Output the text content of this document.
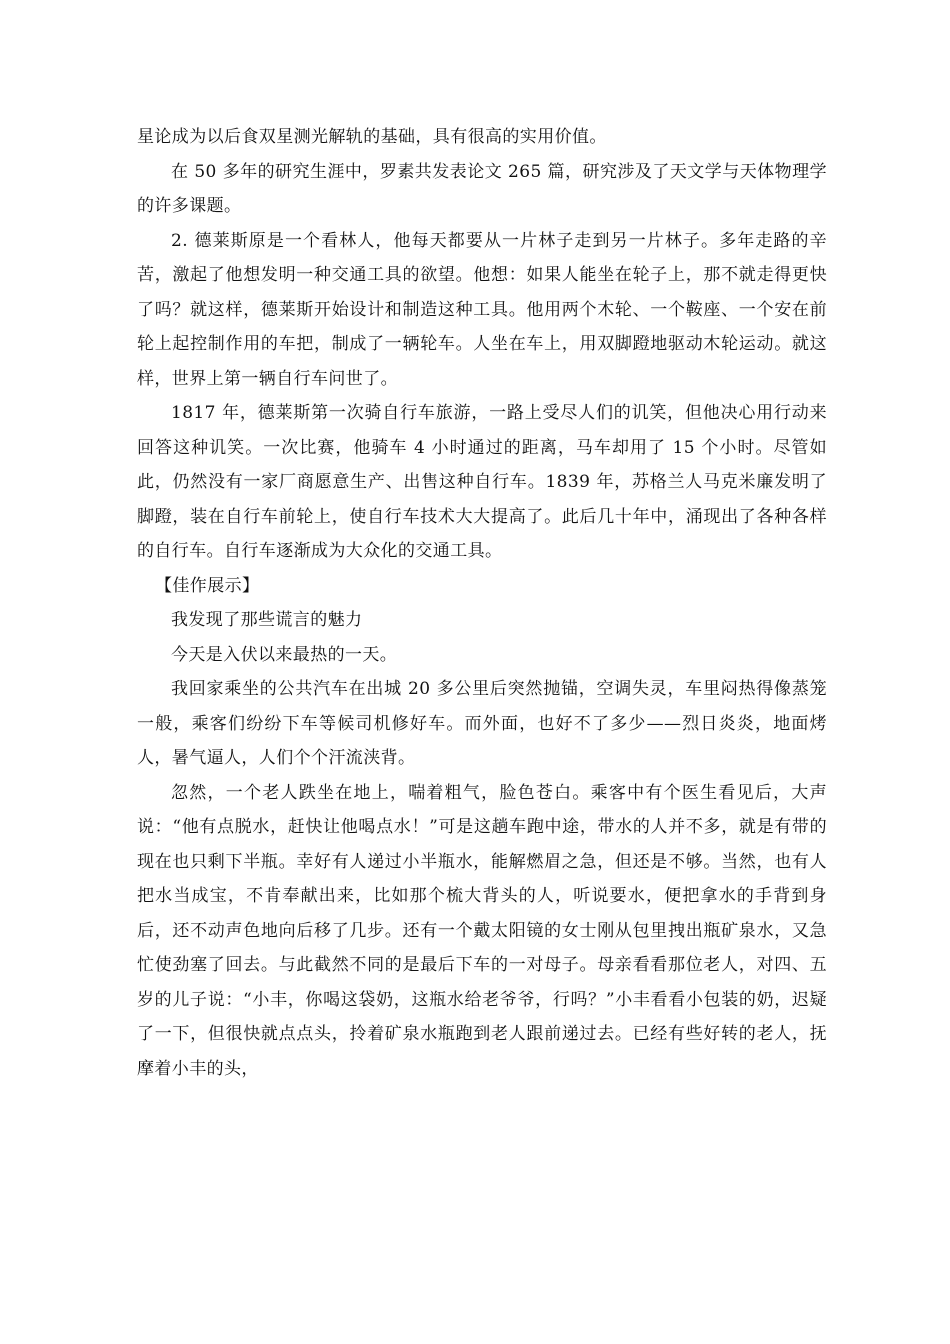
星论成为以后食双星测光解轨的基础，具有很高的实用价值。

在 50 多年的研究生涯中，罗素共发表论文 265 篇，研究涉及了天文学与天体物理学的许多课题。

2. 德莱斯原是一个看林人，他每天都要从一片林子走到另一片林子。多年走路的辛苦，激起了他想发明一种交通工具的欲望。他想：如果人能坐在轮子上，那不就走得更快了吗？就这样，德莱斯开始设计和制造这种工具。他用两个木轮、一个鞍座、一个安在前轮上起控制作用的车把，制成了一辆轮车。人坐在车上，用双脚蹬地驱动木轮运动。就这样，世界上第一辆自行车问世了。

1817 年，德莱斯第一次骑自行车旅游，一路上受尽人们的讥笑，但他决心用行动来回答这种讥笑。一次比赛，他骑车 4 小时通过的距离，马车却用了 15 个小时。尽管如此，仍然没有一家厂商愿意生产、出售这种自行车。1839 年，苏格兰人马克米廉发明了脚蹬，装在自行车前轮上，使自行车技术大大提高了。此后几十年中，涌现出了各种各样的自行车。自行车逐渐成为大众化的交通工具。

【佳作展示】

我发现了那些谎言的魅力

今天是入伏以来最热的一天。

我回家乘坐的公共汽车在出城 20 多公里后突然抛锚，空调失灵，车里闷热得像蒸笼一般，乘客们纷纷下车等候司机修好车。而外面，也好不了多少——烈日炎炎，地面烤人，暑气逼人，人们个个汗流浃背。

忽然，一个老人跌坐在地上，喘着粗气，脸色苍白。乘客中有个医生看见后，大声说：“他有点脱水，赶快让他喝点水！”可是这趟车跑中途，带水的人并不多，就是有带的现在也只剩下半瓶。幸好有人递过小半瓶水，能解燃眉之急，但还是不够。当然，也有人把水当成宝，不肯奉献出来，比如那个梳大背头的人，听说要水，便把拿水的手背到身后，还不动声色地向后移了几步。还有一个戴太阳镜的女士刚从包里拽出瓶矿泉水，又急忙使劲塞了回去。与此截然不同的是最后下车的一对母子。母亲看看那位老人，对四、五岁的儿子说：“小丰，你喝这袋奶，这瓶水给老爷爷，行吗？”小丰看看小包装的奶，迟疑了一下，但很快就点点头，拎着矿泉水瓶跑到老人跟前递过去。已经有些好转的老人，抚摩着小丰的头，
